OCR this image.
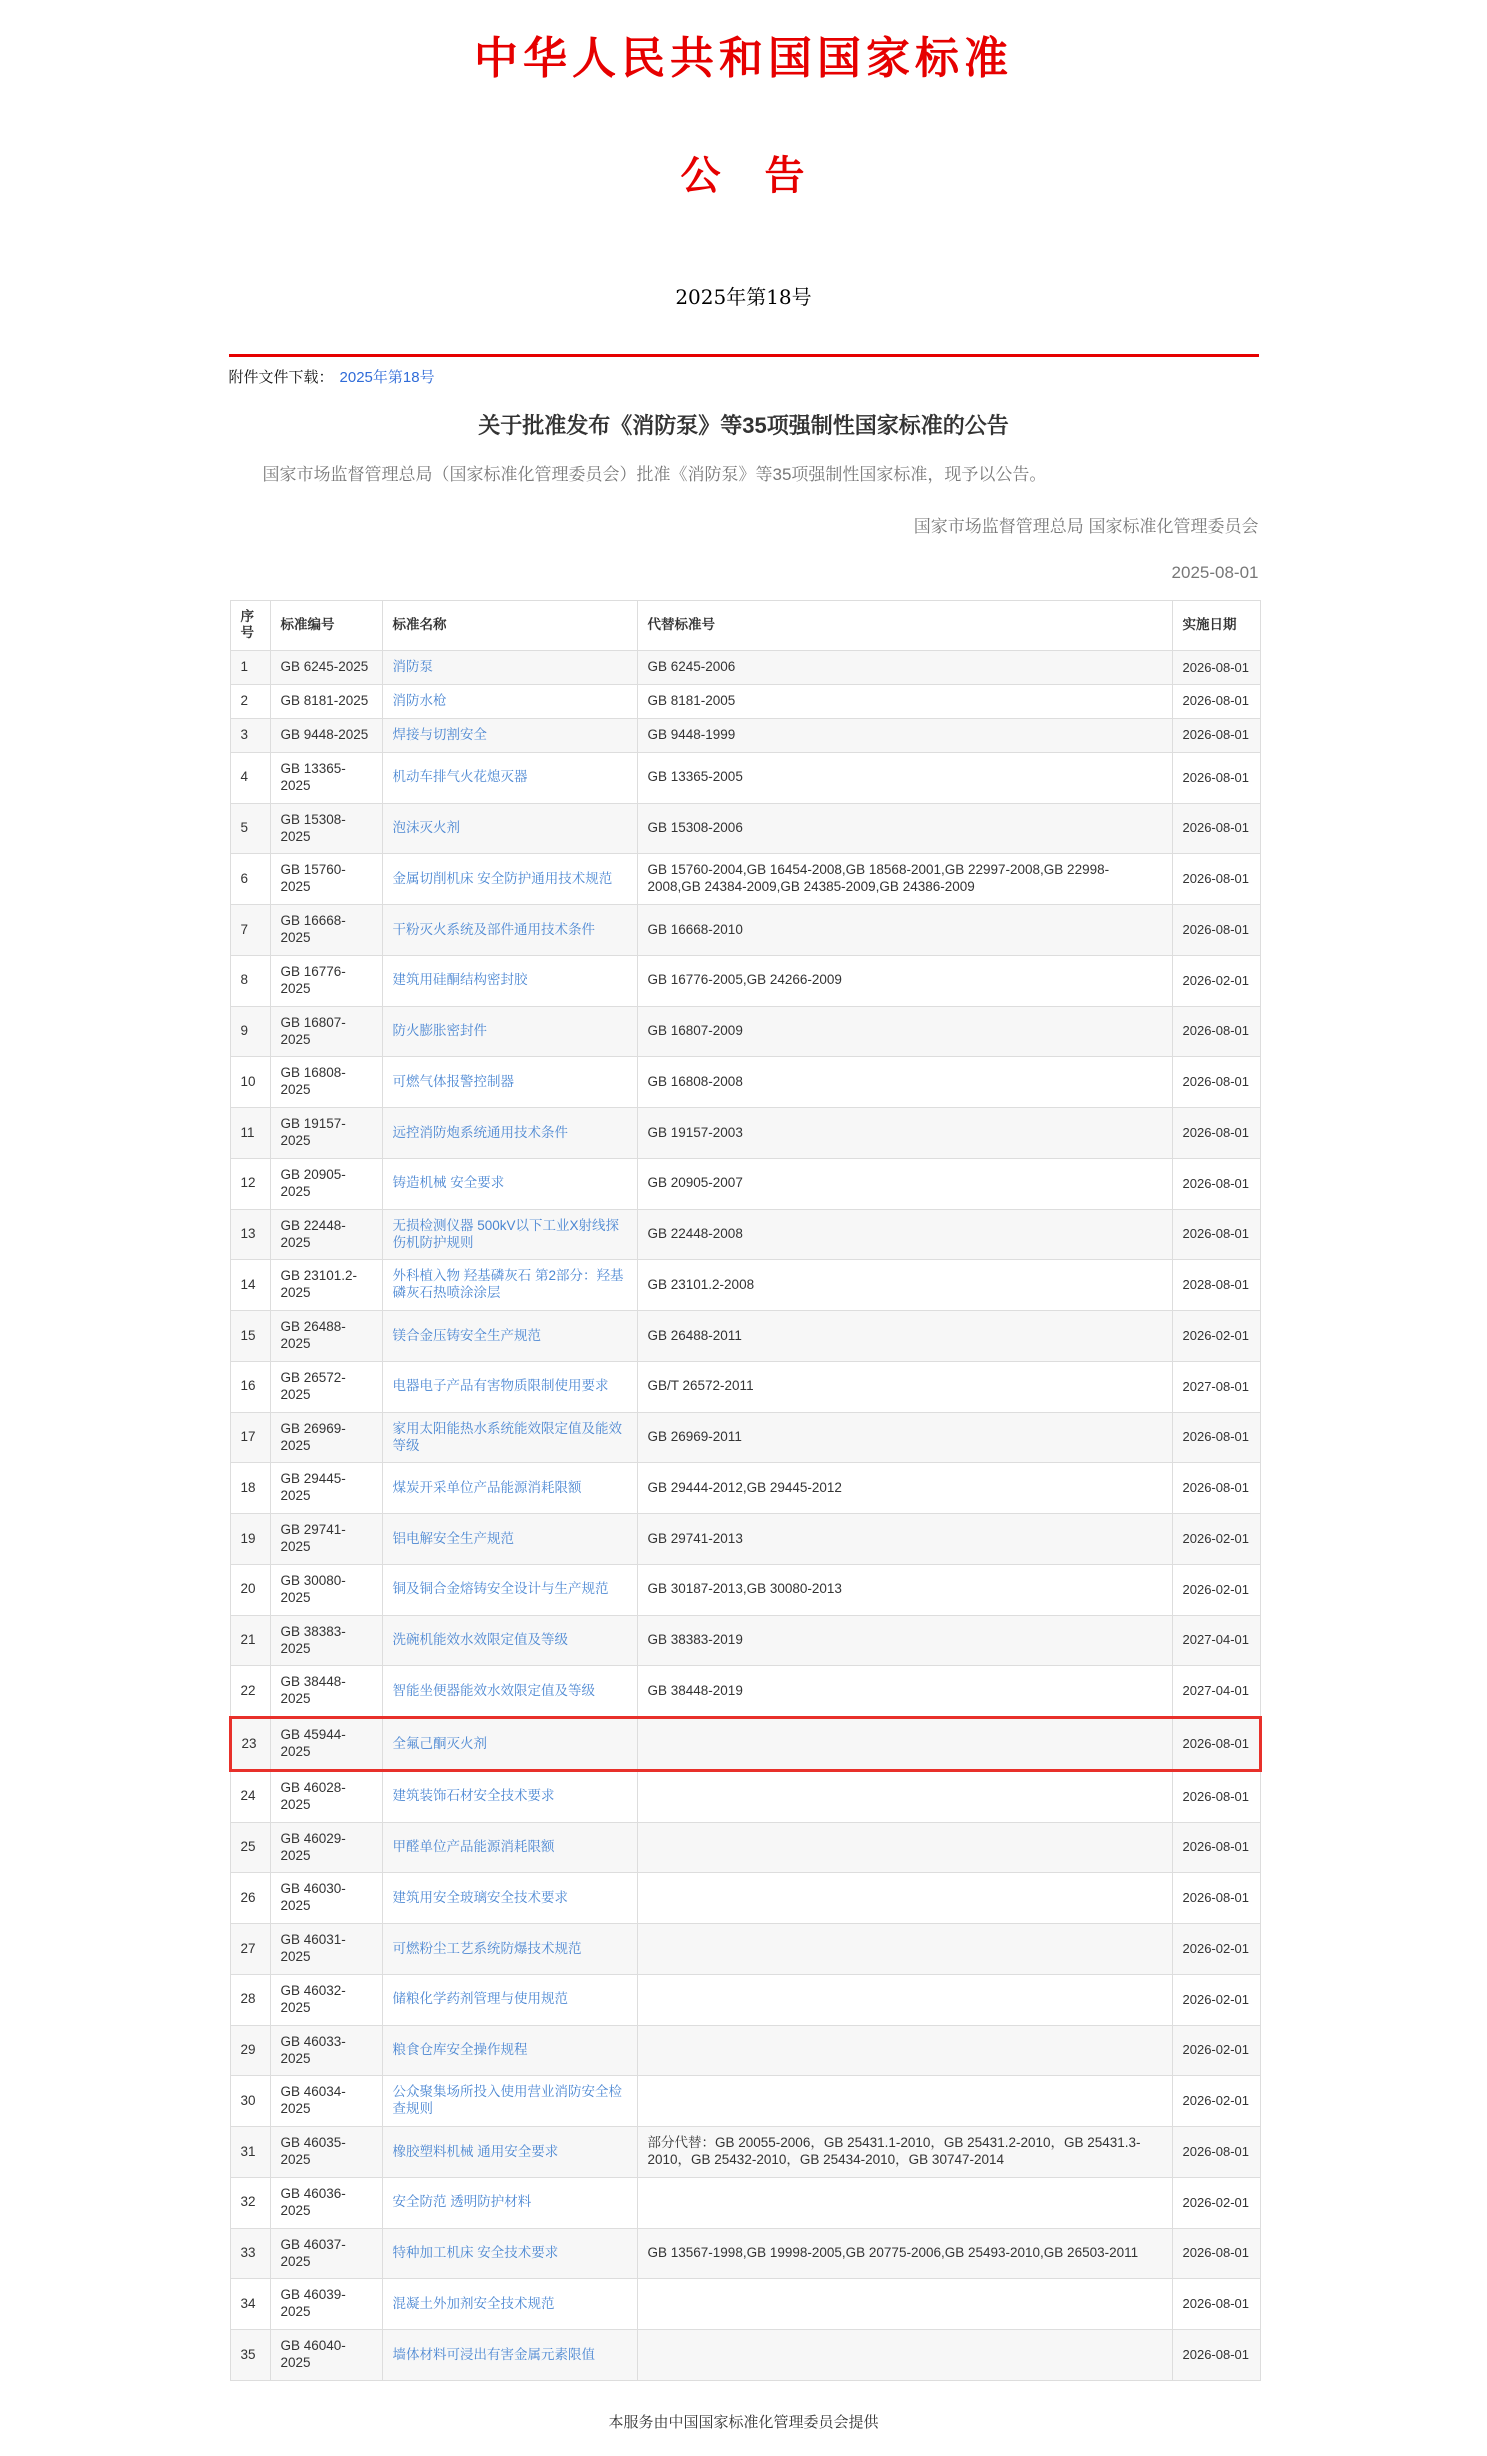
中华人民共和国国家标准
公　告
2025年第18号
附件文件下载： 2025年第18号
关于批准发布《消防泵》等35项强制性国家标准的公告

国家市场监督管理总局（国家标准化管理委员会）批准《消防泵》等35项强制性国家标准，现予以公告。

国家市场监督管理总局 国家标准化管理委员会
2025-08-01
序号	标准编号	标准名称	代替标准号	实施日期
1	GB 6245-2025	消防泵	GB 6245-2006	2026-08-01
2	GB 8181-2025	消防水枪	GB 8181-2005	2026-08-01
3	GB 9448-2025	焊接与切割安全	GB 9448-1999	2026-08-01
4	GB 13365-2025	机动车排气火花熄灭器	GB 13365-2005	2026-08-01
5	GB 15308-2025	泡沫灭火剂	GB 15308-2006	2026-08-01
6	GB 15760-2025	金属切削机床 安全防护通用技术规范	GB 15760-2004,GB 16454-2008,GB 18568-2001,GB 22997-2008,GB 22998-2008,GB 24384-2009,GB 24385-2009,GB 24386-2009	2026-08-01
7	GB 16668-2025	干粉灭火系统及部件通用技术条件	GB 16668-2010	2026-08-01
8	GB 16776-2025	建筑用硅酮结构密封胶	GB 16776-2005,GB 24266-2009	2026-02-01
9	GB 16807-2025	防火膨胀密封件	GB 16807-2009	2026-08-01
10	GB 16808-2025	可燃气体报警控制器	GB 16808-2008	2026-08-01
11	GB 19157-2025	远控消防炮系统通用技术条件	GB 19157-2003	2026-08-01
12	GB 20905-2025	铸造机械 安全要求	GB 20905-2007	2026-08-01
13	GB 22448-2025	无损检测仪器 500kV以下工业X射线探伤机防护规则	GB 22448-2008	2026-08-01
14	GB 23101.2-2025	外科植入物 羟基磷灰石 第2部分：羟基磷灰石热喷涂涂层	GB 23101.2-2008	2028-08-01
15	GB 26488-2025	镁合金压铸安全生产规范	GB 26488-2011	2026-02-01
16	GB 26572-2025	电器电子产品有害物质限制使用要求	GB/T 26572-2011	2027-08-01
17	GB 26969-2025	家用太阳能热水系统能效限定值及能效等级	GB 26969-2011	2026-08-01
18	GB 29445-2025	煤炭开采单位产品能源消耗限额	GB 29444-2012,GB 29445-2012	2026-08-01
19	GB 29741-2025	铝电解安全生产规范	GB 29741-2013	2026-02-01
20	GB 30080-2025	铜及铜合金熔铸安全设计与生产规范	GB 30187-2013,GB 30080-2013	2026-02-01
21	GB 38383-2025	洗碗机能效水效限定值及等级	GB 38383-2019	2027-04-01
22	GB 38448-2025	智能坐便器能效水效限定值及等级	GB 38448-2019	2027-04-01
23	GB 45944-2025	全氟己酮灭火剂		2026-08-01
24	GB 46028-2025	建筑装饰石材安全技术要求		2026-08-01
25	GB 46029-2025	甲醛单位产品能源消耗限额		2026-08-01
26	GB 46030-2025	建筑用安全玻璃安全技术要求		2026-08-01
27	GB 46031-2025	可燃粉尘工艺系统防爆技术规范		2026-02-01
28	GB 46032-2025	储粮化学药剂管理与使用规范		2026-02-01
29	GB 46033-2025	粮食仓库安全操作规程		2026-02-01
30	GB 46034-2025	公众聚集场所投入使用营业消防安全检查规则		2026-02-01
31	GB 46035-2025	橡胶塑料机械 通用安全要求	部分代替：GB 20055-2006，GB 25431.1-2010，GB 25431.2-2010，GB 25431.3-2010，GB 25432-2010，GB 25434-2010，GB 30747-2014	2026-08-01
32	GB 46036-2025	安全防范 透明防护材料		2026-02-01
33	GB 46037-2025	特种加工机床 安全技术要求	GB 13567-1998,GB 19998-2005,GB 20775-2006,GB 25493-2010,GB 26503-2011	2026-08-01
34	GB 46039-2025	混凝土外加剂安全技术规范		2026-08-01
35	GB 46040-2025	墙体材料可浸出有害金属元素限值		2026-08-01
本服务由中国国家标准化管理委员会提供
